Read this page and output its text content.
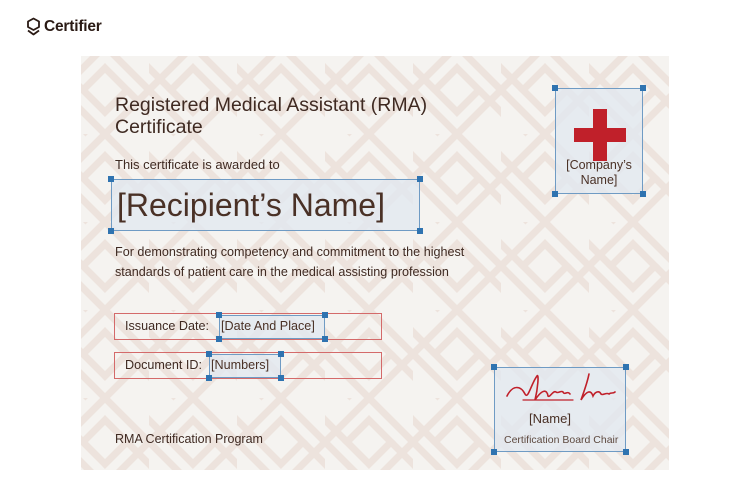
Certifier
Registered Medical Assistant (RMA)
Certificate
This certificate is awarded to
[Recipient’s Name]
For demonstrating competency and commitment to the highest
standards of patient care in the medical assisting profession
Issuance Date: [Date And Place]
Document ID: [Numbers]
[Company’s
Name]
[Name]
Certification Board Chair
RMA Certification Program
